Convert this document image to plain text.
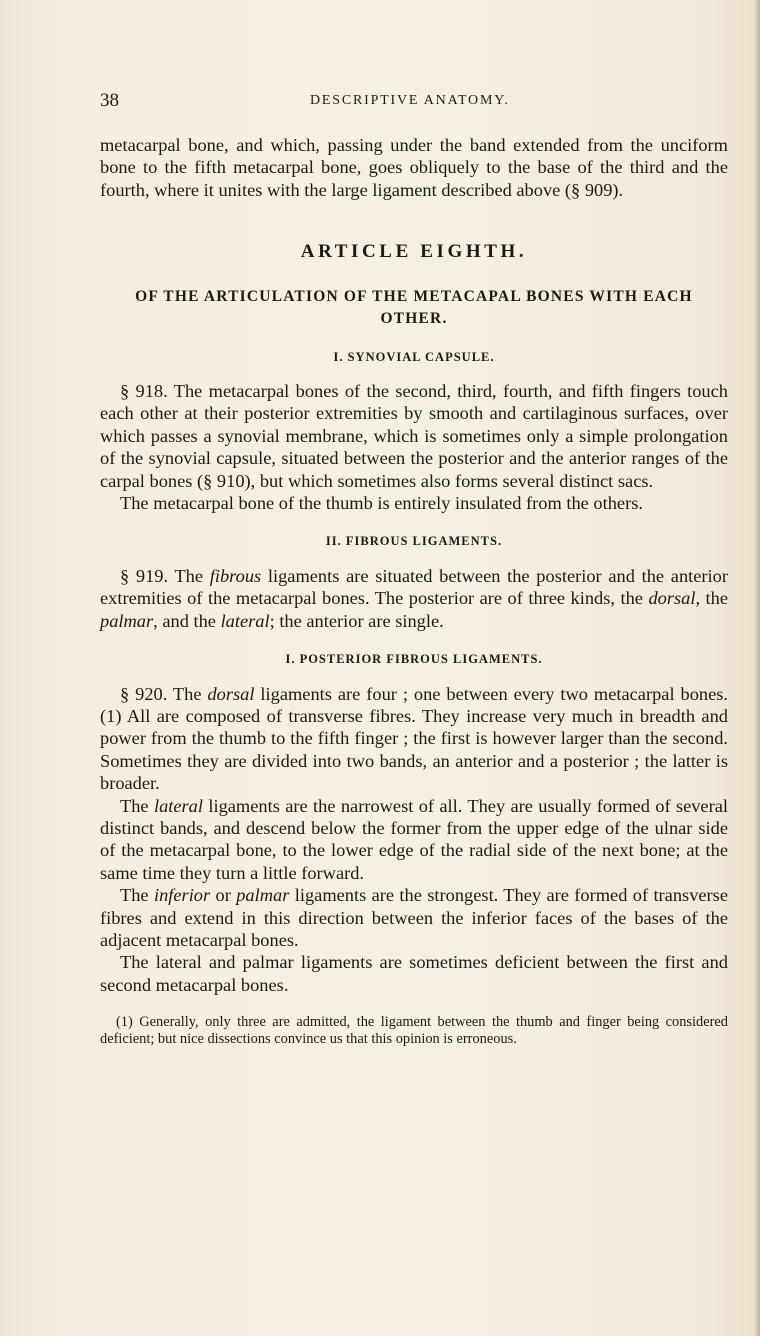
38	DESCRIPTIVE ANATOMY.

metacarpal bone, and which, passing under the band extended from the unciform bone to the fifth metacarpal bone, goes obliquely to the base of the third and the fourth, where it unites with the large ligament described above (§ 909).

ARTICLE EIGHTH.
OF THE ARTICULATION OF THE METACAPAL BONES WITH EACH OTHER.
I. SYNOVIAL CAPSULE.

§ 918. The metacarpal bones of the second, third, fourth, and fifth fingers touch each other at their posterior extremities by smooth and cartilaginous surfaces, over which passes a synovial membrane, which is sometimes only a simple prolongation of the synovial capsule, situated between the posterior and the anterior ranges of the carpal bones (§ 910), but which sometimes also forms several distinct sacs.

The metacarpal bone of the thumb is entirely insulated from the others.

II. FIBROUS LIGAMENTS.

§ 919. The fibrous ligaments are situated between the posterior and the anterior extremities of the metacarpal bones. The posterior are of three kinds, the dorsal, the palmar, and the lateral; the anterior are single.

I. POSTERIOR FIBROUS LIGAMENTS.

§ 920. The dorsal ligaments are four ; one between every two metacarpal bones.(1) All are composed of transverse fibres. They increase very much in breadth and power from the thumb to the fifth finger ; the first is however larger than the second. Sometimes they are divided into two bands, an anterior and a posterior ; the latter is broader.

The lateral ligaments are the narrowest of all. They are usually formed of several distinct bands, and descend below the former from the upper edge of the ulnar side of the metacarpal bone, to the lower edge of the radial side of the next bone; at the same time they turn a little forward.

The inferior or palmar ligaments are the strongest. They are formed of transverse fibres and extend in this direction between the inferior faces of the bases of the adjacent metacarpal bones.

The lateral and palmar ligaments are sometimes deficient between the first and second metacarpal bones.

(1) Generally, only three are admitted, the ligament between the thumb and finger being considered deficient; but nice dissections convince us that this opinion is erroneous.
